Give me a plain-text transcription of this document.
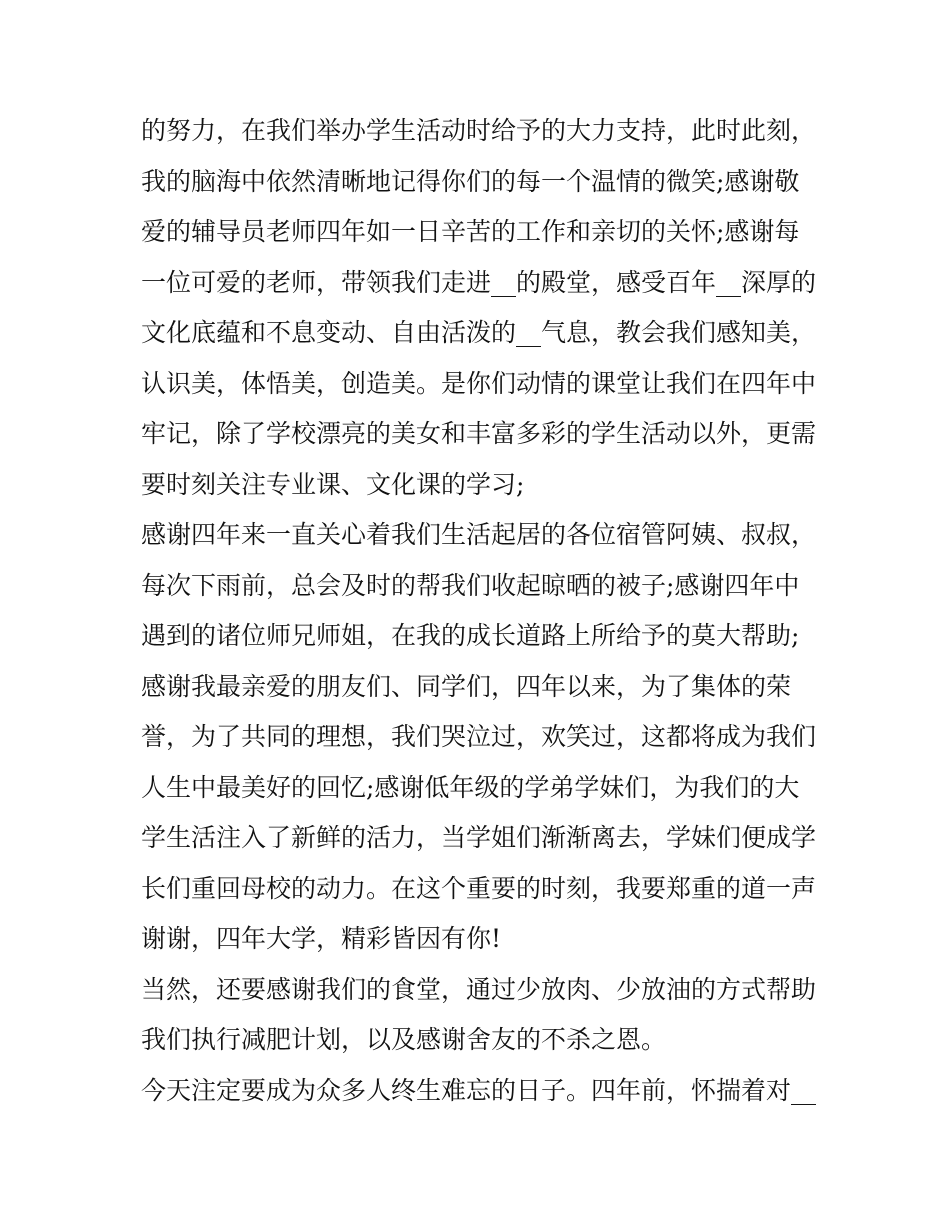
的努力，在我们举办学生活动时给予的大力支持，此时此刻，
我的脑海中依然清晰地记得你们的每一个温情的微笑;感谢敬
爱的辅导员老师四年如一日辛苦的工作和亲切的关怀;感谢每
一位可爱的老师，带领我们走进__的殿堂，感受百年__深厚的
文化底蕴和不息变动、自由活泼的__气息，教会我们感知美，
认识美，体悟美，创造美。是你们动情的课堂让我们在四年中
牢记，除了学校漂亮的美女和丰富多彩的学生活动以外，更需
要时刻关注专业课、文化课的学习;
感谢四年来一直关心着我们生活起居的各位宿管阿姨、叔叔，
每次下雨前，总会及时的帮我们收起晾晒的被子;感谢四年中
遇到的诸位师兄师姐，在我的成长道路上所给予的莫大帮助;
感谢我最亲爱的朋友们、同学们，四年以来，为了集体的荣
誉，为了共同的理想，我们哭泣过，欢笑过，这都将成为我们
人生中最美好的回忆;感谢低年级的学弟学妹们，为我们的大
学生活注入了新鲜的活力，当学姐们渐渐离去，学妹们便成学
长们重回母校的动力。在这个重要的时刻，我要郑重的道一声
谢谢，四年大学，精彩皆因有你!
当然，还要感谢我们的食堂，通过少放肉、少放油的方式帮助
我们执行减肥计划，以及感谢舍友的不杀之恩。
今天注定要成为众多人终生难忘的日子。四年前，怀揣着对__
